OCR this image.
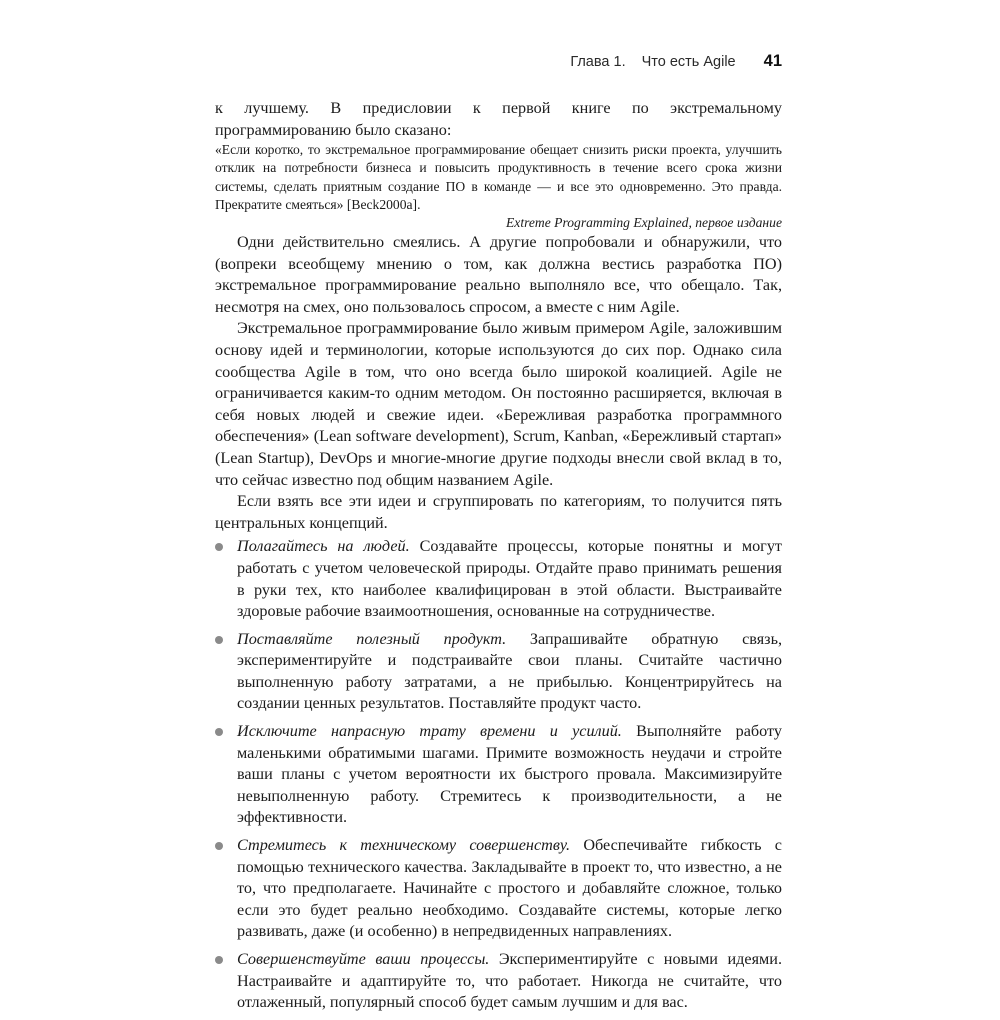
Глава 1. Что есть Agile 41

к лучшему. В предисловии к первой книге по экстремальному программированию было сказано:

«Если коротко, то экстремальное программирование обещает снизить риски проекта, улучшить отклик на потребности бизнеса и повысить продуктивность в течение всего срока жизни системы, сделать приятным создание ПО в команде — и все это одновременно. Это правда. Прекратите смеяться» [Beck2000a].

Extreme Programming Explained, первое издание

Одни действительно смеялись. А другие попробовали и обнаружили, что (вопреки всеобщему мнению о том, как должна вестись разработка ПО) экстремальное программирование реально выполняло все, что обещало. Так, несмотря на смех, оно пользовалось спросом, а вместе с ним Agile.

Экстремальное программирование было живым примером Agile, заложившим основу идей и терминологии, которые используются до сих пор. Однако сила сообщества Agile в том, что оно всегда было широкой коалицией. Agile не ограничивается каким-то одним методом. Он постоянно расширяется, включая в себя новых людей и свежие идеи. «Бережливая разработка программного обеспечения» (Lean software development), Scrum, Kanban, «Бережливый стартап» (Lean Startup), DevOps и многие-многие другие подходы внесли свой вклад в то, что сейчас известно под общим названием Agile.

Если взять все эти идеи и сгруппировать по категориям, то получится пять центральных концепций.

Полагайтесь на людей. Создавайте процессы, которые понятны и могут работать с учетом человеческой природы. Отдайте право принимать решения в руки тех, кто наиболее квалифицирован в этой области. Выстраивайте здоровые рабочие взаимоотношения, основанные на сотрудничестве.
Поставляйте полезный продукт. Запрашивайте обратную связь, экспериментируйте и подстраивайте свои планы. Считайте частично выполненную работу затратами, а не прибылью. Концентрируйтесь на создании ценных результатов. Поставляйте продукт часто.
Исключите напрасную трату времени и усилий. Выполняйте работу маленькими обратимыми шагами. Примите возможность неудачи и стройте ваши планы с учетом вероятности их быстрого провала. Максимизируйте невыполненную работу. Стремитесь к производительности, а не эффективности.
Стремитесь к техническому совершенству. Обеспечивайте гибкость с помощью технического качества. Закладывайте в проект то, что известно, а не то, что предполагаете. Начинайте с простого и добавляйте сложное, только если это будет реально необходимо. Создавайте системы, которые легко развивать, даже (и особенно) в непредвиденных направлениях.
Совершенствуйте ваши процессы. Экспериментируйте с новыми идеями. Настраивайте и адаптируйте то, что работает. Никогда не считайте, что отлаженный, популярный способ будет самым лучшим и для вас.
